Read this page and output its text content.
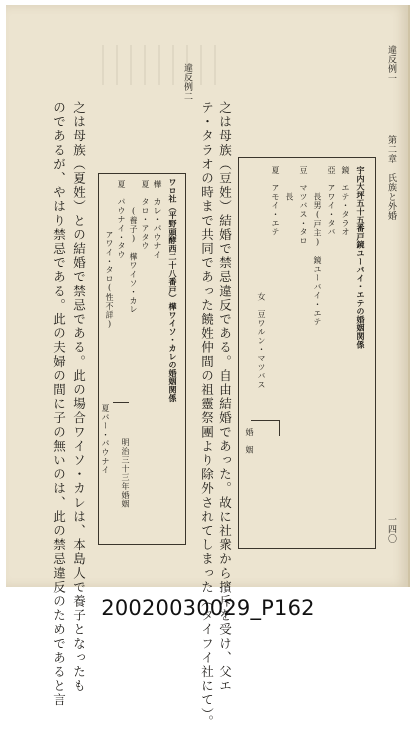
違反例一
第二章　氏族と外婚
一四〇
宇内大坪五十五番戸鏡ユーバイ・エテの婚姻関係
鏡　エテ・タラオ
亞　アワイ・タバ
　　　長男(戸主)　鏡ユーバイ・エテ
豆　マツバス・タロ
　　　長
夏　アモイ・エテ
　　　女　豆ワルン・マツバス
婚　姻
之は母族（豆姓）結婚で禁忌違反である。自由結婚であった。故に社衆から擯斥を受け、父エ
テ・タラオの時まで共同であった饒姓仲間の祖靈祭團より除外されてしまった（タイフイ社にて）。
違反例二
ワロ社（平野頭酵西二十八番戸）樺ワイソ・カレの婚姻関係
樺　カレ・パウナイ
夏　タロ・アタウ
　　　(養子)　樺ワイソ・カレ
夏　パウナイ・タウ
　　　アワイ・タロ(性不詳)
夏パー・パウナイ 明治三十三年婚姻
之は母族（夏姓）との結婚で禁忌である。此の場合ワイソ・カレは、本島人で養子となったも
のであるが、やはり禁忌である。此の夫婦の間に子の無いのは、此の禁忌違反のためであると言	20020030029_P162
